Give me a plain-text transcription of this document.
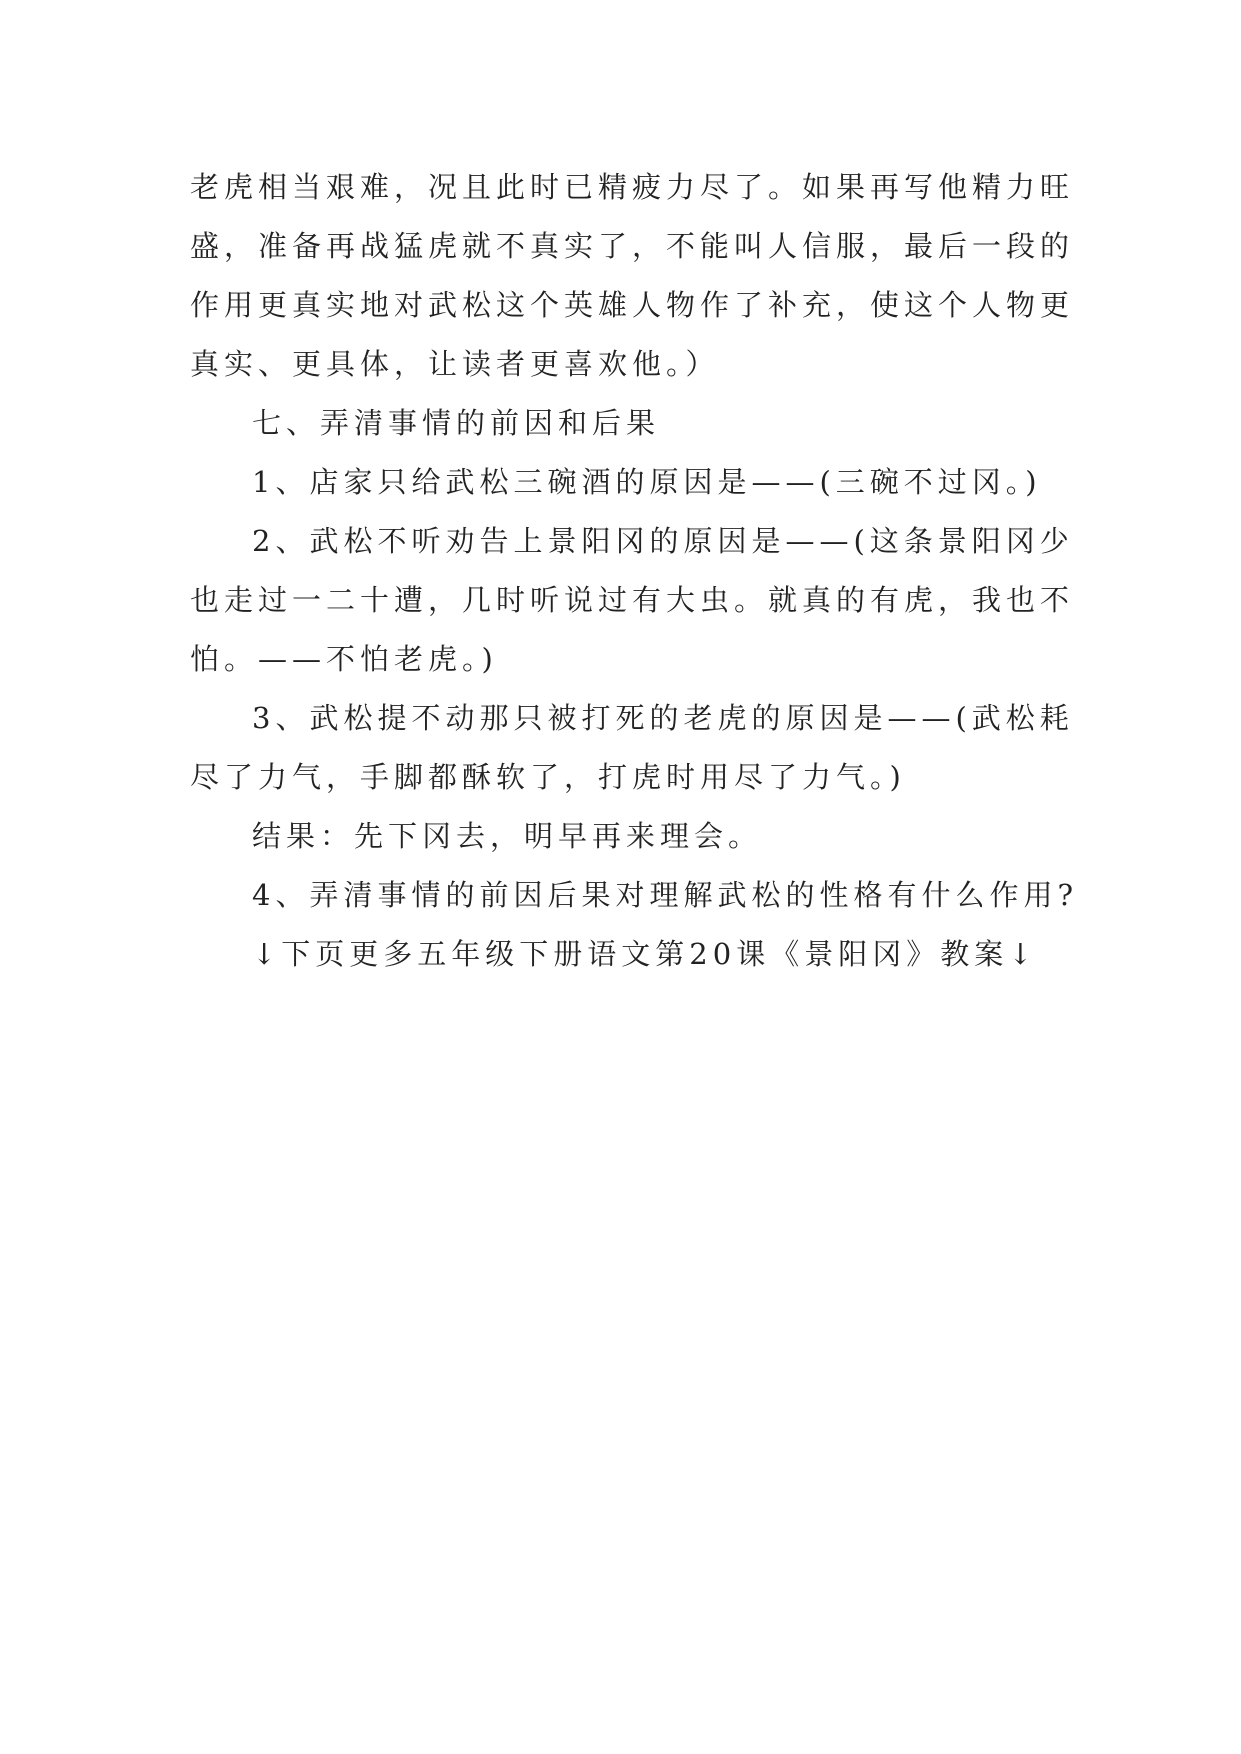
老虎相当艰难，况且此时已精疲力尽了。如果再写他精力旺
盛，准备再战猛虎就不真实了，不能叫人信服，最后一段的
作用更真实地对武松这个英雄人物作了补充，使这个人物更
真实、更具体，让读者更喜欢他。）
七、弄清事情的前因和后果
1、店家只给武松三碗酒的原因是——(三碗不过冈。)
2、武松不听劝告上景阳冈的原因是——(这条景阳冈少
也走过一二十遭，几时听说过有大虫。就真的有虎，我也不
怕。——不怕老虎。)
3、武松提不动那只被打死的老虎的原因是——(武松耗
尽了力气，手脚都酥软了，打虎时用尽了力气。)
结果：先下冈去，明早再来理会。
4、弄清事情的前因后果对理解武松的性格有什么作用?
↓下页更多五年级下册语文第20课《景阳冈》教案↓
